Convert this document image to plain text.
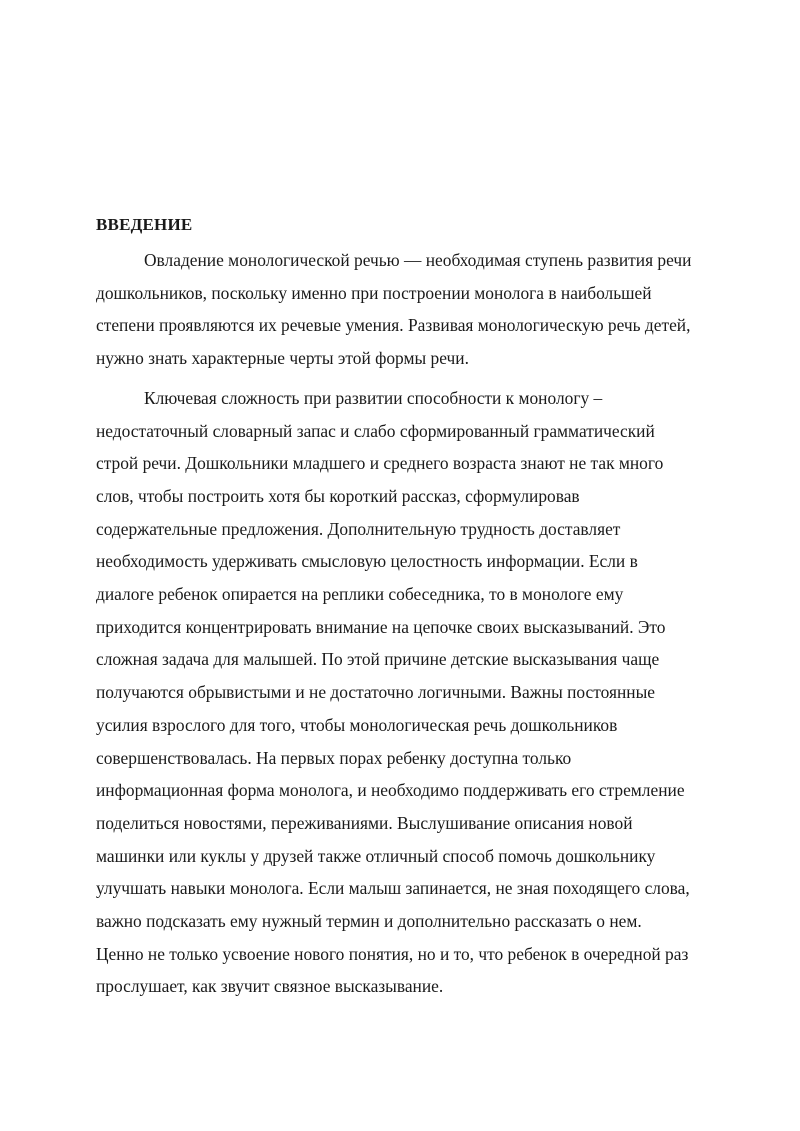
ВВЕДЕНИЕ

Овладение монологической речью — необходимая ступень развития речи
дошкольников, поскольку именно при построении монолога в наибольшей
степени проявляются их речевые умения. Развивая монологическую речь детей,
нужно знать характерные черты этой формы речи.

Ключевая сложность при развитии способности к монологу –
недостаточный словарный запас и слабо сформированный грамматический
строй речи. Дошкольники младшего и среднего возраста знают не так много
слов, чтобы построить хотя бы короткий рассказ, сформулировав
содержательные предложения. Дополнительную трудность доставляет
необходимость удерживать смысловую целостность информации. Если в
диалоге ребенок опирается на реплики собеседника, то в монологе ему
приходится концентрировать внимание на цепочке своих высказываний. Это
сложная задача для малышей. По этой причине детские высказывания чаще
получаются обрывистыми и не достаточно логичными. Важны постоянные
усилия взрослого для того, чтобы монологическая речь дошкольников
совершенствовалась. На первых порах ребенку доступна только
информационная форма монолога, и необходимо поддерживать его стремление
поделиться новостями, переживаниями. Выслушивание описания новой
машинки или куклы у друзей также отличный способ помочь дошкольнику
улучшать навыки монолога. Если малыш запинается, не зная походящего слова,
важно подсказать ему нужный термин и дополнительно рассказать о нем.
Ценно не только усвоение нового понятия, но и то, что ребенок в очередной раз
прослушает, как звучит связное высказывание.
